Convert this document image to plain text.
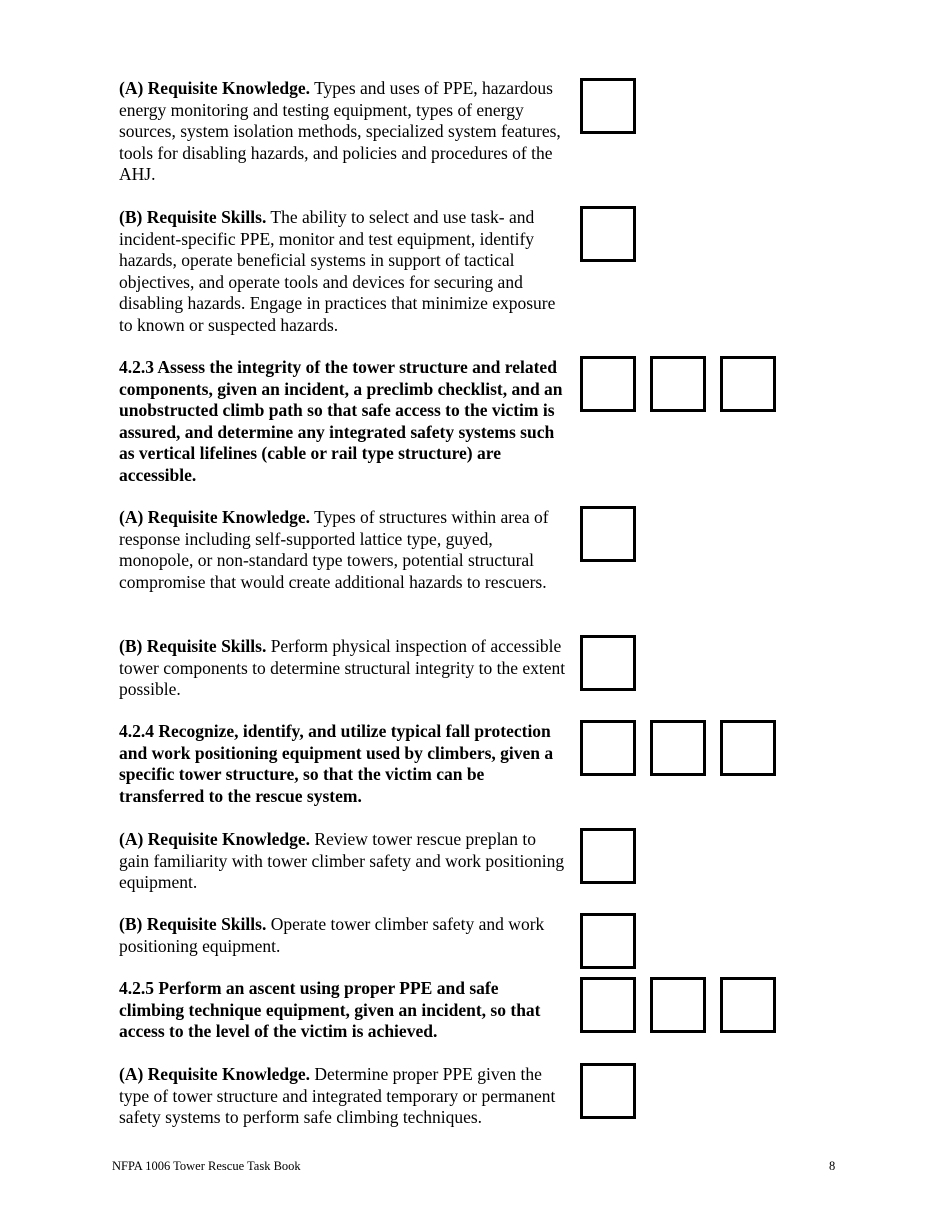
(A) Requisite Knowledge. Types and uses of PPE, hazardous energy monitoring and testing equipment, types of energy sources, system isolation methods, specialized system features, tools for disabling hazards, and policies and procedures of the AHJ.
(B) Requisite Skills. The ability to select and use task- and incident-specific PPE, monitor and test equipment, identify hazards, operate beneficial systems in support of tactical objectives, and operate tools and devices for securing and disabling hazards. Engage in practices that minimize exposure to known or suspected hazards.
4.2.3 Assess the integrity of the tower structure and related components, given an incident, a preclimb checklist, and an unobstructed climb path so that safe access to the victim is assured, and determine any integrated safety systems such as vertical lifelines (cable or rail type structure) are accessible.
(A) Requisite Knowledge. Types of structures within area of response including self-supported lattice type, guyed, monopole, or non-standard type towers, potential structural compromise that would create additional hazards to rescuers.
(B) Requisite Skills. Perform physical inspection of accessible tower components to determine structural integrity to the extent possible.
4.2.4 Recognize, identify, and utilize typical fall protection and work positioning equipment used by climbers, given a specific tower structure, so that the victim can be transferred to the rescue system.
(A) Requisite Knowledge. Review tower rescue preplan to gain familiarity with tower climber safety and work positioning equipment.
(B) Requisite Skills. Operate tower climber safety and work positioning equipment.
4.2.5 Perform an ascent using proper PPE and safe climbing technique equipment, given an incident, so that access to the level of the victim is achieved.
(A) Requisite Knowledge. Determine proper PPE given the type of tower structure and integrated temporary or permanent safety systems to perform safe climbing techniques.
NFPA 1006 Tower Rescue Task Book	8
